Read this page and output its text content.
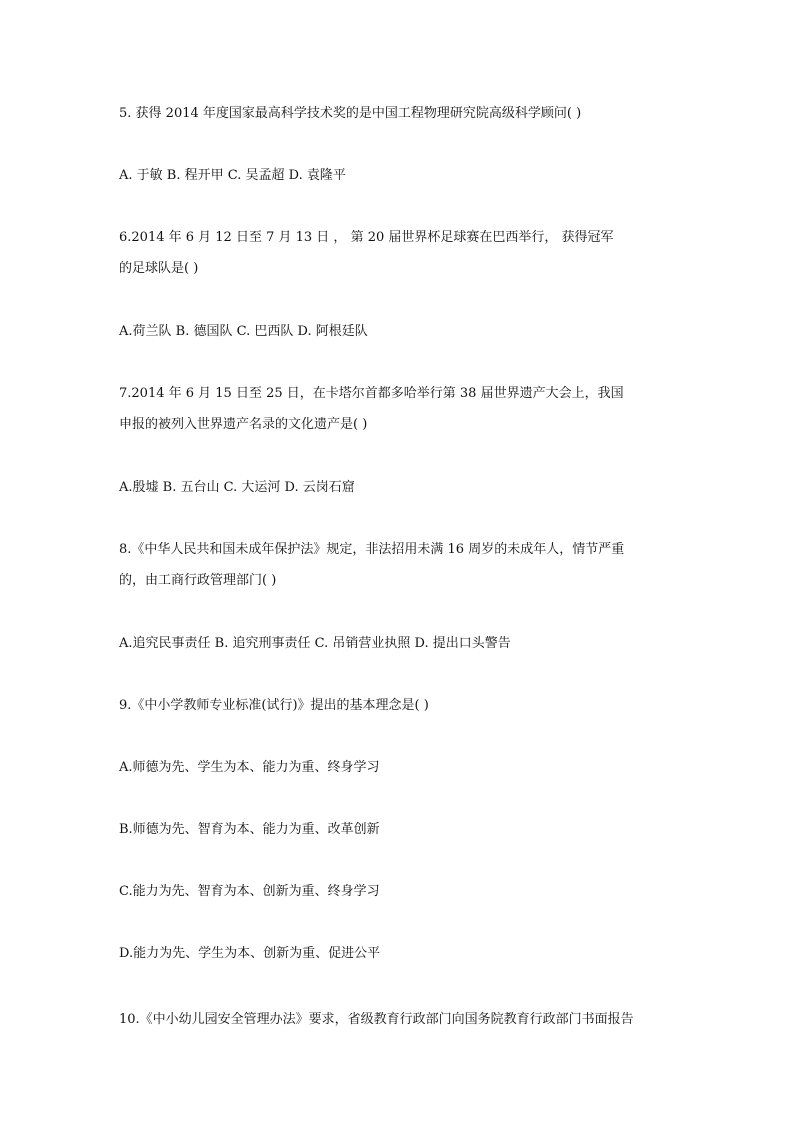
5. 获得 2014 年度国家最高科学技术奖的是中国工程物理研究院高级科学顾问( )
A. 于敏 B. 程开甲 C. 吴孟超 D. 袁隆平
6.2014 年 6 月 12 日至 7 月 13 日 ， 第 20 届世界杯足球赛在巴西举行， 获得冠军
的足球队是( )
A.荷兰队 B. 德国队 C. 巴西队 D. 阿根廷队
7.2014 年 6 月 15 日至 25 日，在卡塔尔首都多哈举行第 38 届世界遗产大会上，我国
申报的被列入世界遗产名录的文化遗产是( )
A.殷墟 B. 五台山 C. 大运河 D. 云岗石窟
8.《中华人民共和国未成年保护法》规定，非法招用未满 16 周岁的未成年人，情节严重
的，由工商行政管理部门( )
A.追究民事责任 B. 追究刑事责任 C. 吊销营业执照 D. 提出口头警告
9.《中小学教师专业标准(试行)》提出的基本理念是( )
A.师德为先、学生为本、能力为重、终身学习
B.师德为先、智育为本、能力为重、改革创新
C.能力为先、智育为本、创新为重、终身学习
D.能力为先、学生为本、创新为重、促进公平
10.《中小幼儿园安全管理办法》要求，省级教育行政部门向国务院教育行政部门书面报告
